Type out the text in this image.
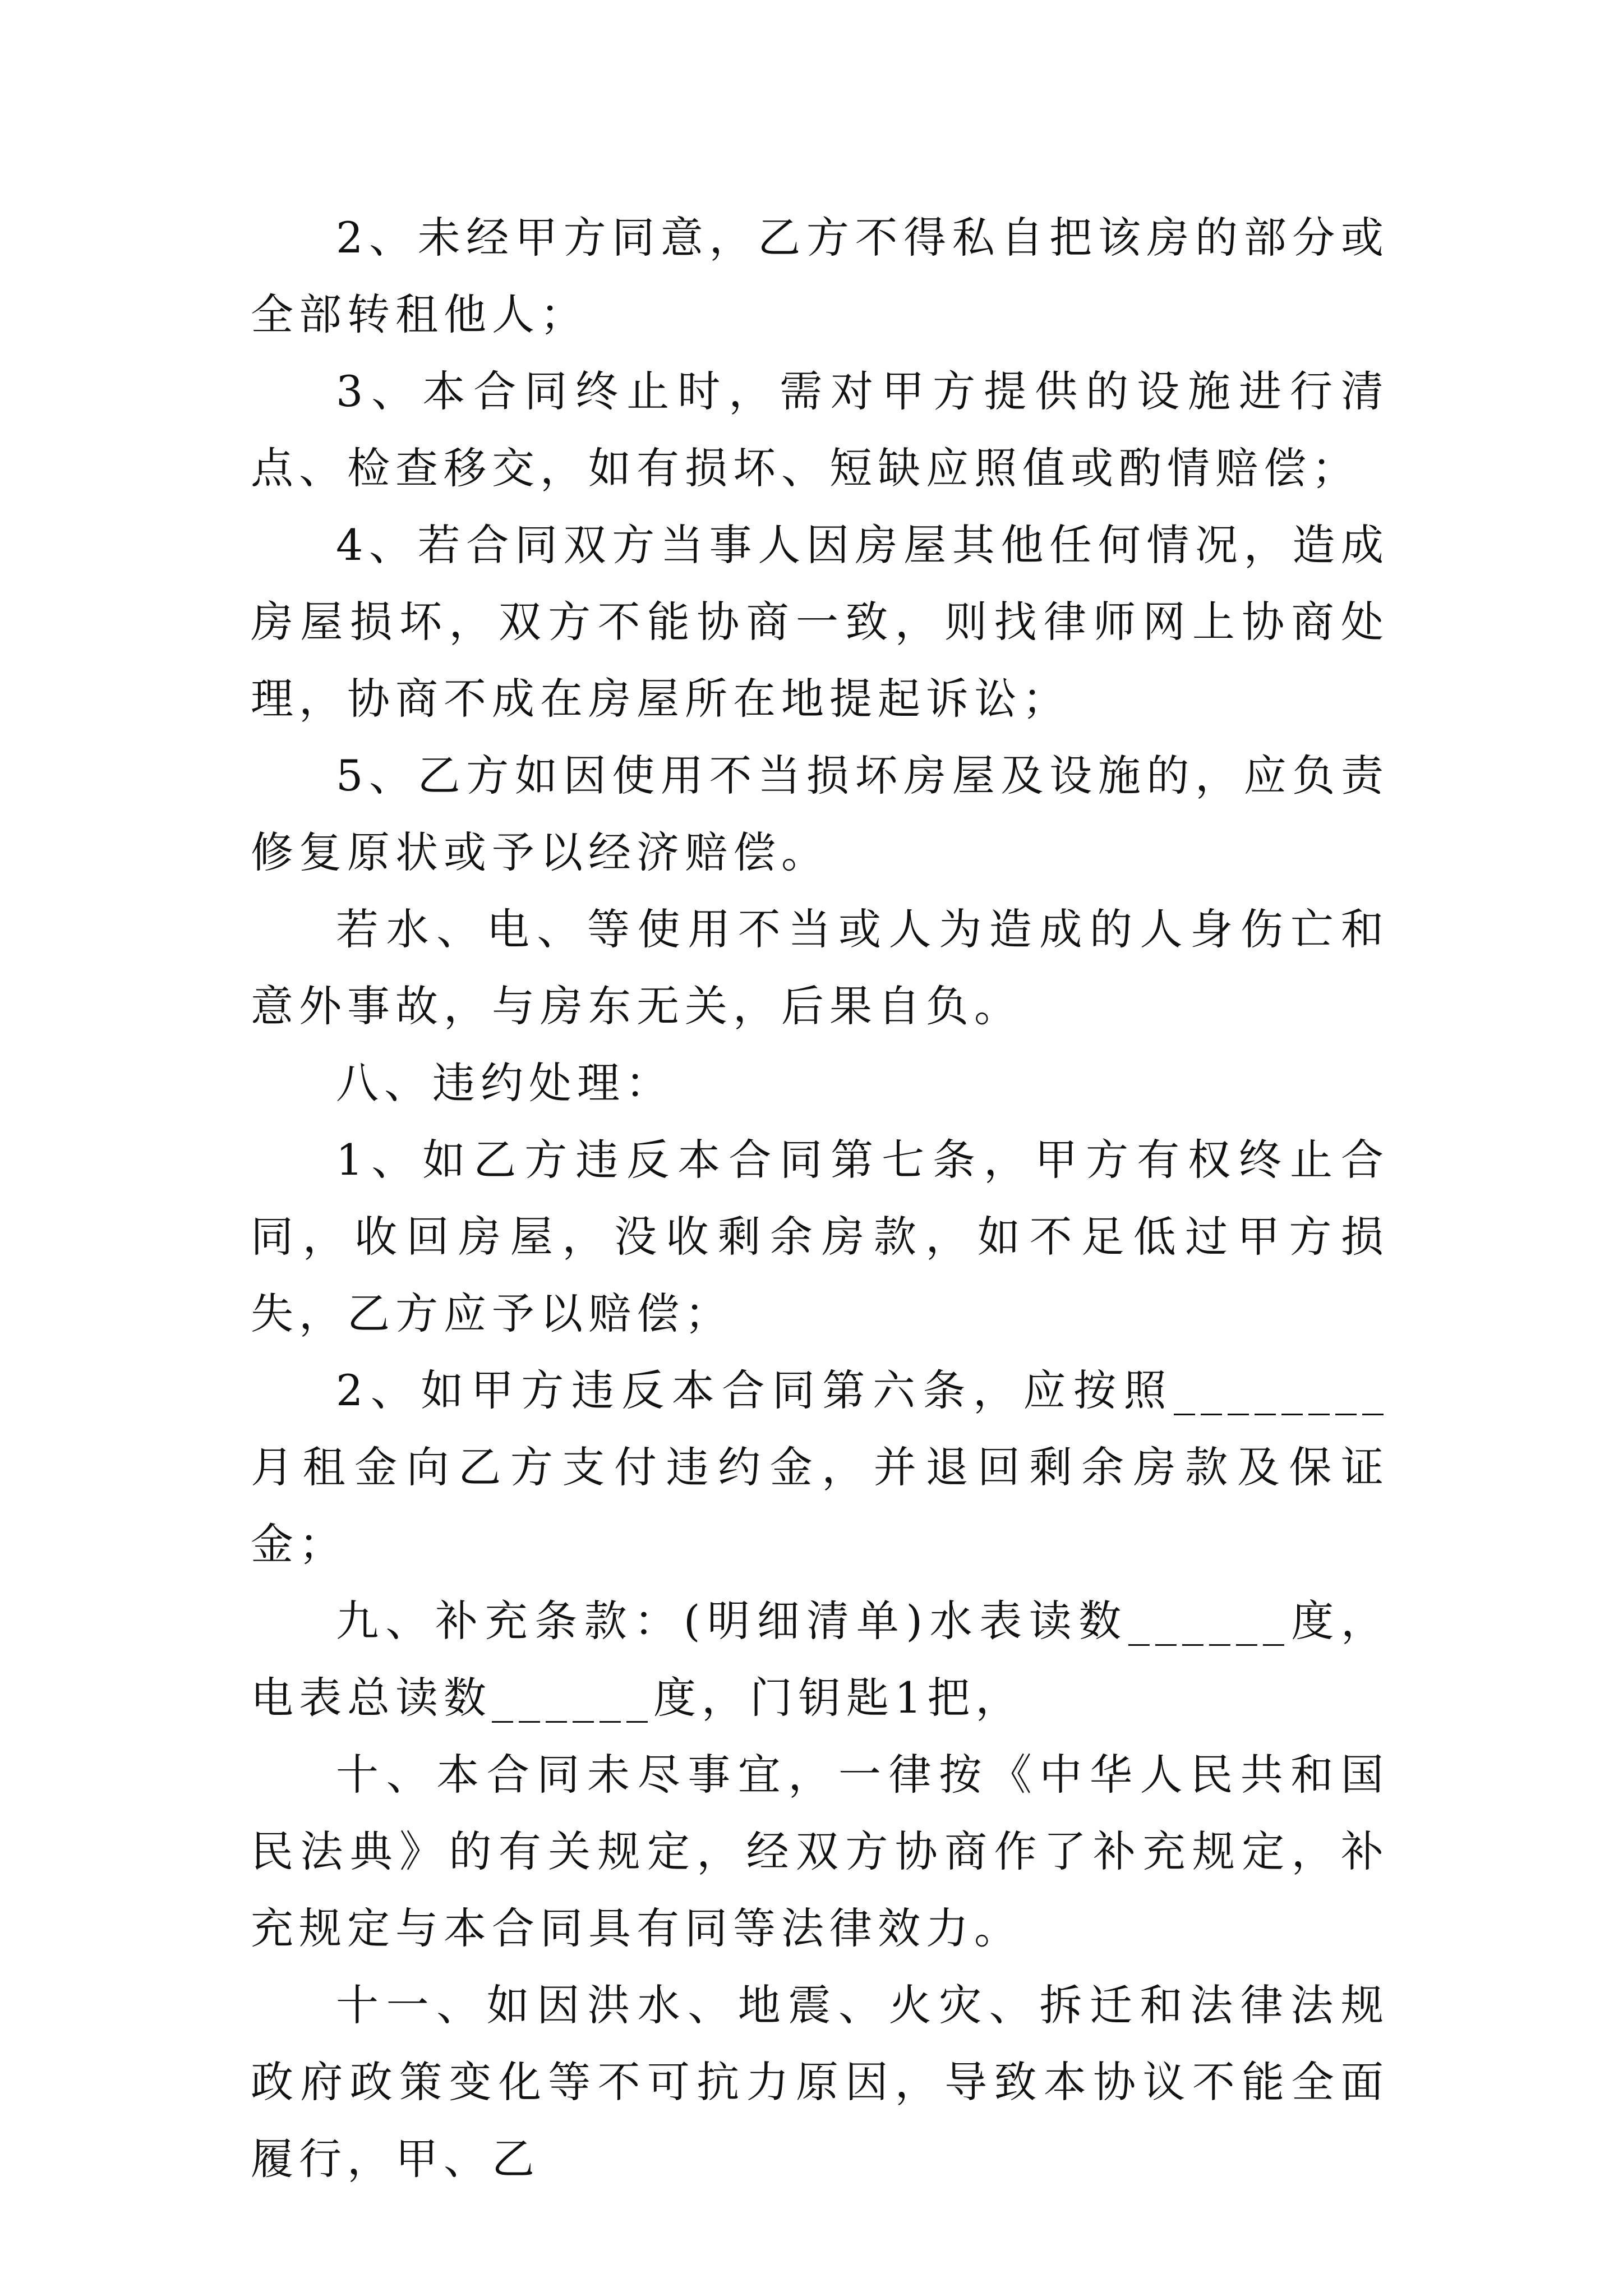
2、未经甲方同意，乙方不得私自把该房的部分或全部转租他人；

3、本合同终止时，需对甲方提供的设施进行清点、检查移交，如有损坏、短缺应照值或酌情赔偿；

4、若合同双方当事人因房屋其他任何情况，造成房屋损坏，双方不能协商一致，则找律师网上协商处理，协商不成在房屋所在地提起诉讼；

5、乙方如因使用不当损坏房屋及设施的，应负责修复原状或予以经济赔偿。

若水、电、等使用不当或人为造成的人身伤亡和意外事故，与房东无关，后果自负。

八、违约处理：

1、如乙方违反本合同第七条，甲方有权终止合同，收回房屋，没收剩余房款，如不足低过甲方损失，乙方应予以赔偿；

2、如甲方违反本合同第六条，应按照________月租金向乙方支付违约金，并退回剩余房款及保证金；

九、补充条款：(明细清单)水表读数______度，电表总读数______度，门钥匙1把，

十、本合同未尽事宜，一律按《中华人民共和国民法典》的有关规定，经双方协商作了补充规定，补充规定与本合同具有同等法律效力。

十一、如因洪水、地震、火灾、拆迁和法律法规政府政策变化等不可抗力原因，导致本协议不能全面履行，甲、乙
